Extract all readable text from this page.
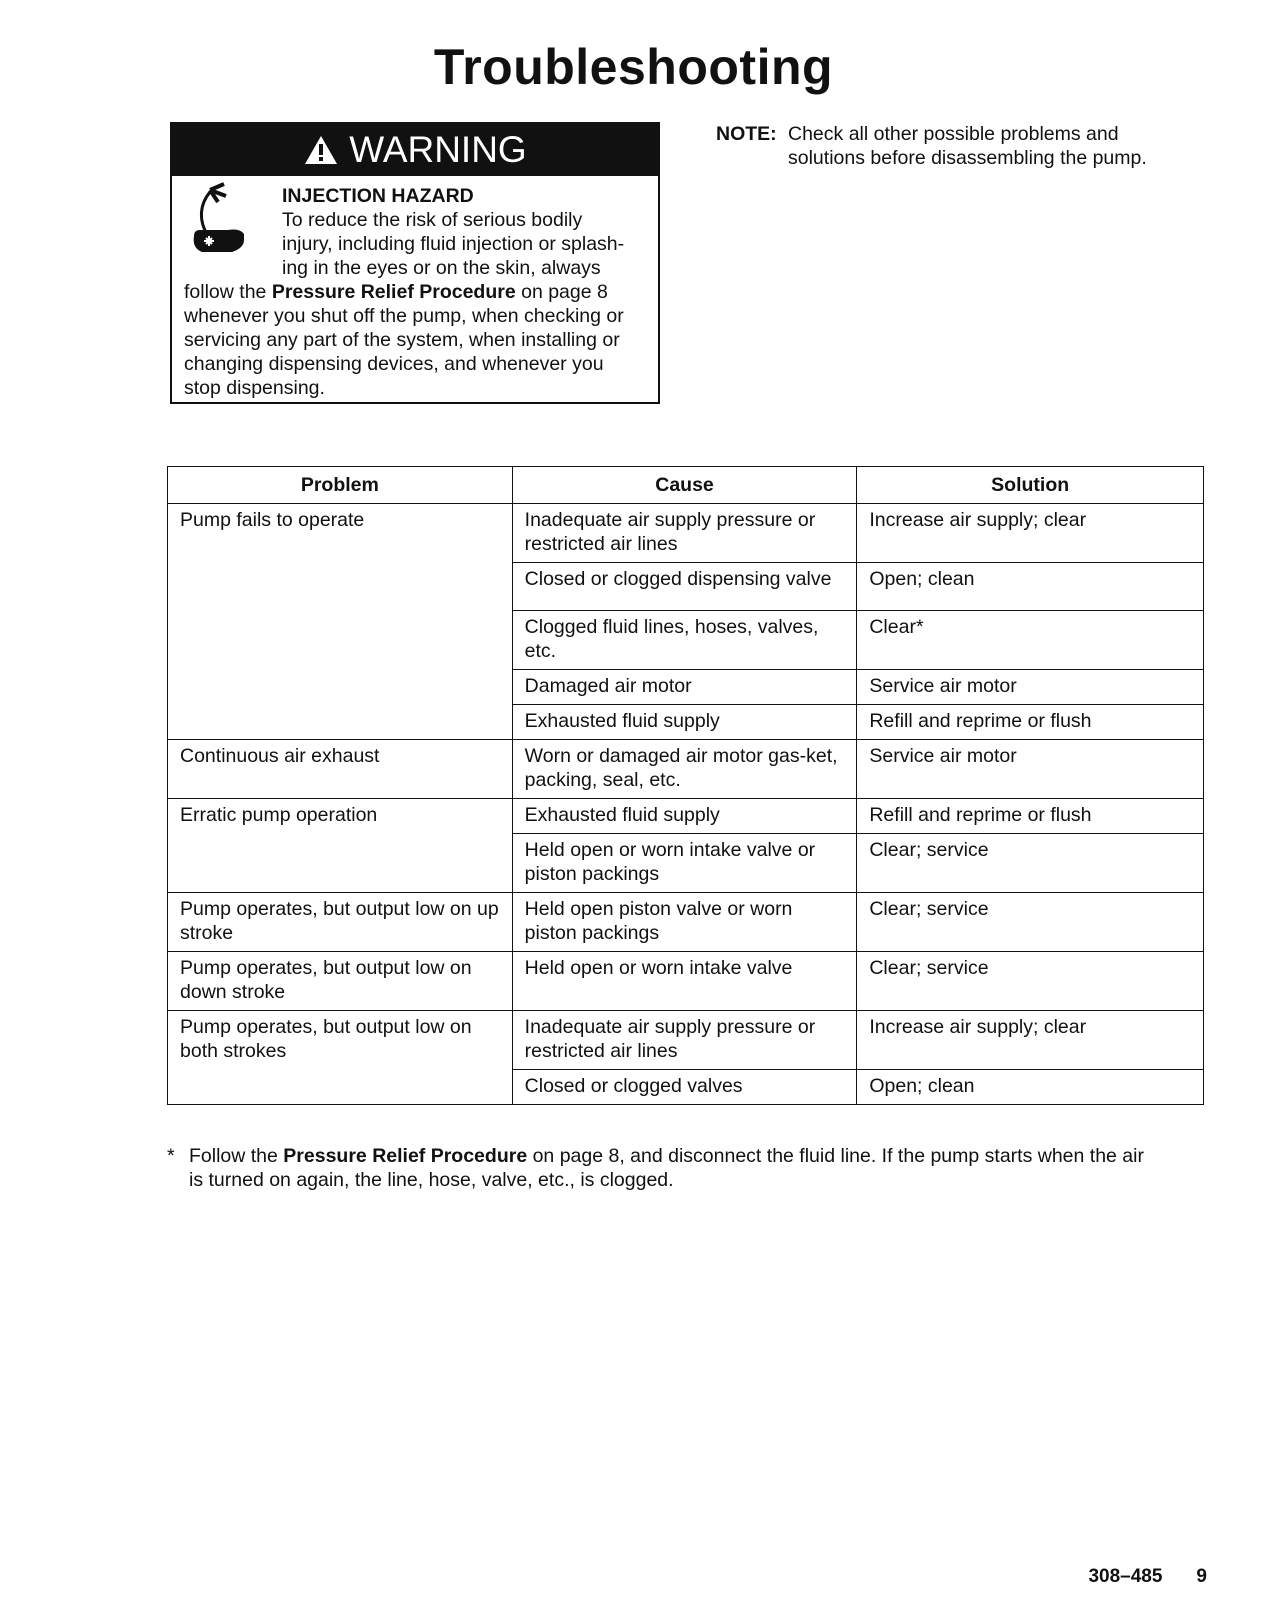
Troubleshooting
WARNING
INJECTION HAZARD
To reduce the risk of serious bodily
injury, including fluid injection or splash-
ing in the eyes or on the skin, always
follow the Pressure Relief Procedure on page 8
whenever you shut off the pump, when checking or
servicing any part of the system, when installing or
changing dispensing devices, and whenever you
stop dispensing.
NOTE: Check all other possible problems and solutions before disassembling the pump.
Problem	Cause	Solution
Pump fails to operate	Inadequate air supply pressure or restricted air lines	Increase air supply; clear
	Closed or clogged dispensing valve	Open; clean
	Clogged fluid lines, hoses, valves, etc.	Clear*
	Damaged air motor	Service air motor
	Exhausted fluid supply	Refill and reprime or flush
Continuous air exhaust	Worn or damaged air motor gas-ket, packing, seal, etc.	Service air motor
Erratic pump operation	Exhausted fluid supply	Refill and reprime or flush
	Held open or worn intake valve or piston packings	Clear; service
Pump operates, but output low on up stroke	Held open piston valve or worn piston packings	Clear; service
Pump operates, but output low on down stroke	Held open or worn intake valve	Clear; service
Pump operates, but output low on both strokes	Inadequate air supply pressure or restricted air lines	Increase air supply; clear
	Closed or clogged valves	Open; clean
* Follow the Pressure Relief Procedure on page 8, and disconnect the fluid line. If the pump starts when the air is turned on again, the line, hose, valve, etc., is clogged.
308–485 9
